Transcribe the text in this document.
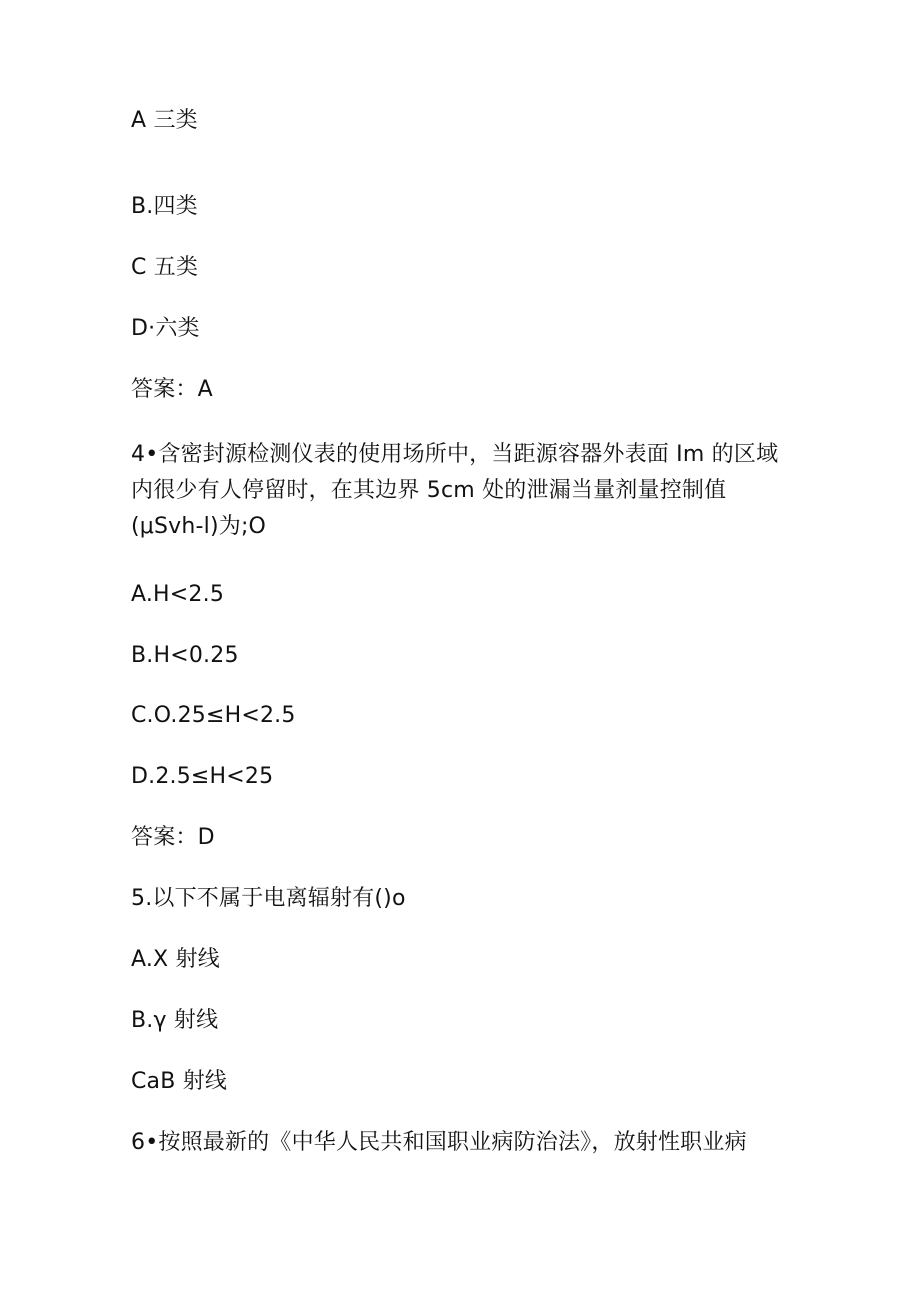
A 三类
B.四类
C 五类
D·六类
答案：A
4•含密封源检测仪表的使用场所中，当距源容器外表面 Im 的区域
内很少有人停留时，在其边界 5cm 处的泄漏当量剂量控制值
(μSvh-l)为;O
A.H<2.5
B.H<0.25
C.O.25≤H<2.5
D.2.5≤H<25
答案：D
5.以下不属于电离辐射有()o
A.X 射线
B.γ 射线
CaB 射线
6•按照最新的《中华人民共和国职业病防治法》，放射性职业病
